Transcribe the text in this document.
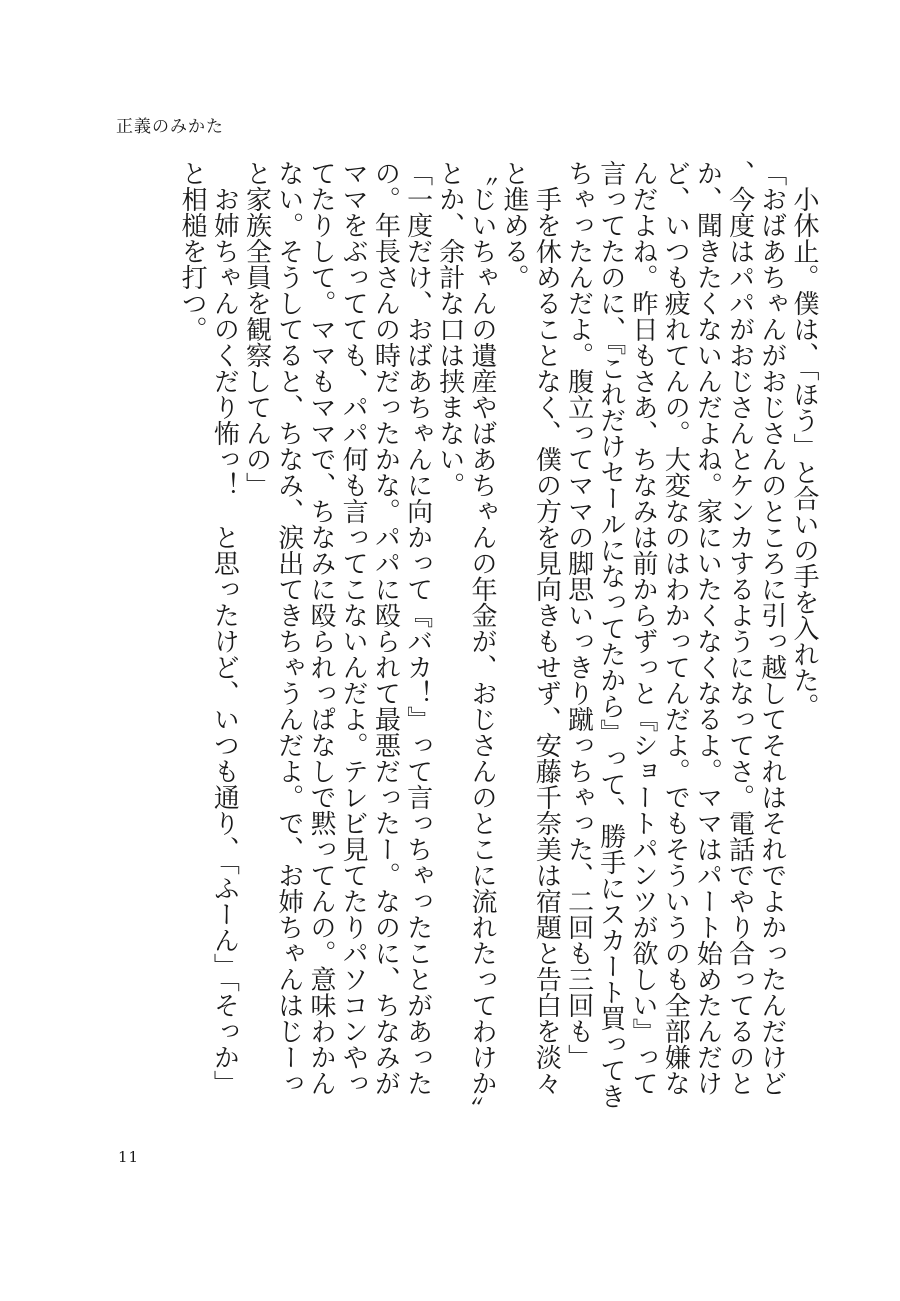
正義のみかた

　小休止。僕は、「ほう」と合いの手を入れた。

「おばあちゃんがおじさんのところに引っ越してそれはそれでよかったんだけど、今度はパパがおじさんとケンカするようになってさ。電話でやり合ってるのとか、聞きたくないんだよね。家にいたくなくなるよ。ママはパート始めたんだけど、いつも疲れてんの。大変なのはわかってんだよ。でもそういうのも全部嫌なんだよね。昨日もさあ、ちなみは前からずっと『ショートパンツが欲しい』って言ってたのに、『これだけセールになってたから』って、勝手にスカート買ってきちゃったんだよ。腹立ってママの脚思いっきり蹴っちゃった、二回も三回も」

　手を休めることなく、僕の方を見向きもせず、安藤千奈美は宿題と告白を淡々と進める。

〝じいちゃんの遺産やばあちゃんの年金が、おじさんのとこに流れたってわけか〟とか、余計な口は挟まない。

「一度だけ、おばあちゃんに向かって『バカ！』って言っちゃったことがあったの。年長さんの時だったかな。パパに殴られて最悪だったー。なのに、ちなみがママをぶってても、パパ何も言ってこないんだよ。テレビ見てたりパソコンやってたりして。ママもママで、ちなみに殴られっぱなしで黙ってんの。意味わかんない。そうしてると、ちなみ、涙出てきちゃうんだよ。で、お姉ちゃんはじーっと家族全員を観察してんの」

　お姉ちゃんのくだり怖っ！　と思ったけど、いつも通り、「ふーん」「そっか」と相槌を打つ。

11
